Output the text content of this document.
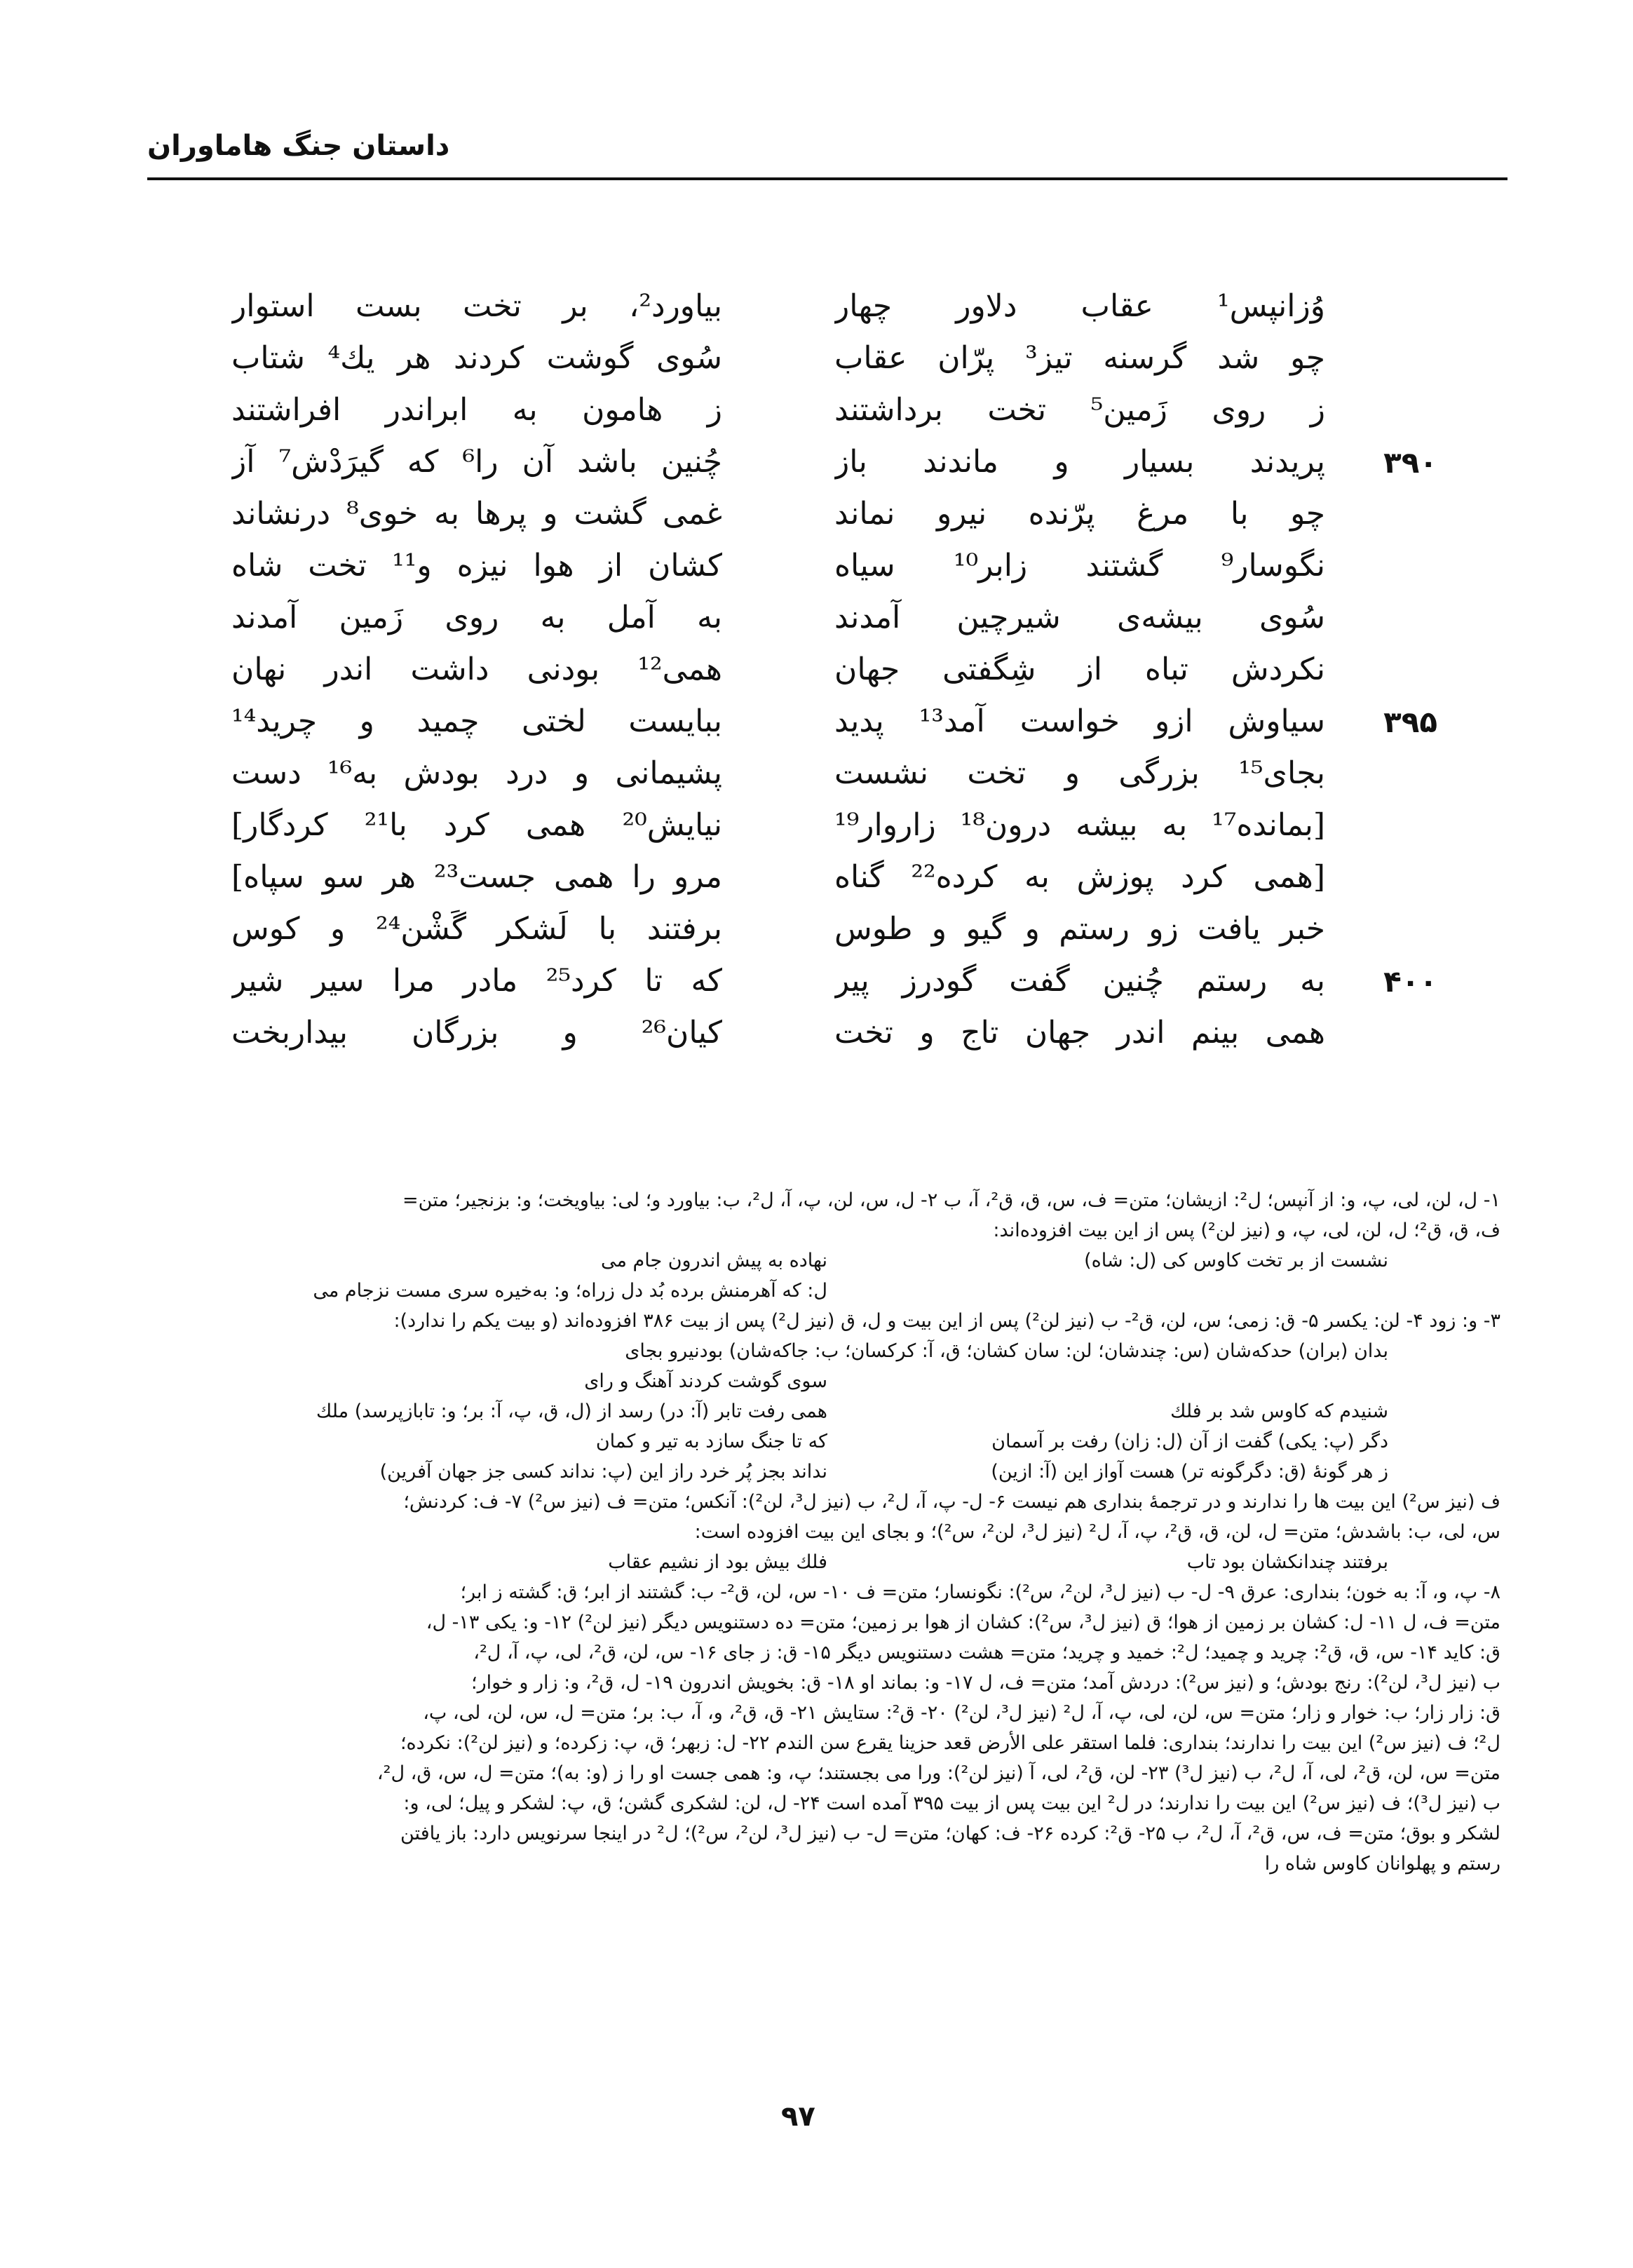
داستان جنگ هاماوران
وُزانپس¹ عقاب دلاور چهار
بیاورد²، بر تخت بست استوار
چو شد گرسنه تیز³ پرّان عقاب
سُوی گوشت کردند هر یك⁴ شتاب
ز روی زَمین⁵ تخت برداشتند
ز هامون به ابراندر افراشتند
۳۹۰
پریدند بسیار و ماندند باز
چُنین باشد آن را⁶ که گیرَدْش⁷ آز
چو با مرغ پرّنده نیرو نماند
غمی گشت و پرها به خوی⁸ درنشاند
نگوسار⁹ گشتند زابر¹⁰ سیاه
کشان از هوا نیزه و¹¹ تخت شاه
سُوی بیشه‌ی شیرچین آمدند
به آمل به روی زَمین آمدند
نکردش تباه از شِگفتی جهان
همی¹² بودنی داشت اندر نهان
۳۹۵
سیاوش ازو خواست آمد¹³ پدید
ببایست لختی چمید و چرید¹⁴
بجای¹⁵ بزرگی و تخت نشست
پشیمانی و درد بودش به¹⁶ دست
[بمانده¹⁷ به بیشه درون¹⁸ زاروار¹⁹
نیایش²⁰ همی کرد با²¹ کردگار]
[همی کرد پوزش به کرده²² گناه
مرو را همی جست²³ هر سو سپاه]
خبر یافت زو رستم و گیو و طوس
برفتند با لَشکر گَشْن²⁴ و کوس
۴۰۰
به رستم چُنین گفت گودرز پیر
که تا کرد²⁵ مادر مرا سیر شیر
همی بینم اندر جهان تاج و تخت
کیان²⁶ و بزرگان بیداربخت
۱- ل، لن، لی، پ، و: از آنپس؛ ل²: ازیشان؛ متن= ف، س، ق، ق²، آ، ب ۲- ل، س، لن، پ، آ، ل²، ب: بیاورد و؛ لی: بیاویخت؛ و: بزنجیر؛ متن=
ف، ق، ق²؛ ل، لن، لی، پ، و (نیز لن²) پس از این بیت افزوده‌اند:
نشست از بر تخت کاوس کی (ل: شاه)
نهاده به پیش اندرون جام می
ل: که آهرمنش برده بُد دل زراه؛ و: به‌خیره سری مست نزجام می
۳- و: زود ۴- لن: یکسر ۵- ق: زمی؛ س، لن، ق²- ب (نیز لن²) پس از این بیت و ل، ق (نیز ل²) پس از بیت ۳۸۶ افزوده‌اند (و بیت یکم را ندارد):
بدان (بران) حدکه‌شان (س: چندشان؛ لن: سان کشان؛ ق، آ: کرکسان؛ ب: جاکه‌شان) بودنیرو بجای
سوی گوشت کردند آهنگ و رای
شنیدم که کاوس شد بر فلك
همی رفت تابر (آ: در) رسد از (ل، ق، پ، آ: بر؛ و: تابازپرسد) ملك
دگر (پ: یکی) گفت از آن (ل: زان) رفت بر آسمان
که تا جنگ سازد به تیر و کمان
ز هر گونهٔ (ق: دگرگونه تر) هست آواز این (آ: ازین)
نداند بجز پُر خرد راز این (پ: نداند کسی جز جهان آفرین)
ف (نیز س²) این بیت ها را ندارند و در ترجمهٔ بنداری هم نیست ۶- ل- پ، آ، ل²، ب (نیز ل³، لن²): آنکس؛ متن= ف (نیز س²) ۷- ف: کردنش؛
س، لی، ب: باشدش؛ متن= ل، لن، ق، ق²، پ، آ، ل² (نیز ل³، لن²، س²)؛ و بجای این بیت افزوده است:
برفتند چندانکشان بود تاب
فلك بیش بود از نشیم عقاب
۸- پ، و، آ: به خون؛ بنداری: عرق ۹- ل- ب (نیز ل³، لن²، س²): نگونسار؛ متن= ف ۱۰- س، لن، ق²- ب: گشتند از ابر؛ ق: گشته ز ابر؛
متن= ف، ل ۱۱- ل: کشان بر زمین از هوا؛ ق (نیز ل³، س²): کشان از هوا بر زمین؛ متن= ده دستنویس دیگر (نیز لن²) ۱۲- و: یکی ۱۳- ل،
ق: کاید ۱۴- س، ق، ق²: چرید و چمید؛ ل²: خمید و چرید؛ متن= هشت دستنویس دیگر ۱۵- ق: ز جای ۱۶- س، لن، ق²، لی، پ، آ، ل²،
ب (نیز ل³، لن²): رنج بودش؛ و (نیز س²): دردش آمد؛ متن= ف، ل ۱۷- و: بماند او ۱۸- ق: بخویش اندرون ۱۹- ل، ق²، و: زار و خوار؛
ق: زار زار؛ ب: خوار و زار؛ متن= س، لن، لی، پ، آ، ل² (نیز ل³، لن²) ۲۰- ق²: ستایش ۲۱- ق، ق²، و، آ، ب: بر؛ متن= ل، س، لن، لی، پ،
ل²؛ ف (نیز س²) این بیت را ندارند؛ بنداری: فلما استقر علی الأرض قعد حزینا یقرع سن الندم ۲۲- ل: زبهر؛ ق، پ: زکرده؛ و (نیز لن²): نکرده؛
متن= س، لن، ق²، لی، آ، ل²، ب (نیز ل³) ۲۳- لن، ق²، لی، آ (نیز لن²): ورا می بجستند؛ پ، و: همی جست او را ز (و: به)؛ متن= ل، س، ق، ل²،
ب (نیز ل³)؛ ف (نیز س²) این بیت را ندارند؛ در ل² این بیت پس از بیت ۳۹۵ آمده است ۲۴- ل، لن: لشکری گشن؛ ق، پ: لشکر و پیل؛ لی، و:
لشکر و بوق؛ متن= ف، س، ق²، آ، ل²، ب ۲۵- ق²: کرده ۲۶- ف: کهان؛ متن= ل- ب (نیز ل³، لن²، س²)؛ ل² در اینجا سرنویس دارد: باز یافتن
رستم و پهلوانان کاوس شاه را
۹۷
